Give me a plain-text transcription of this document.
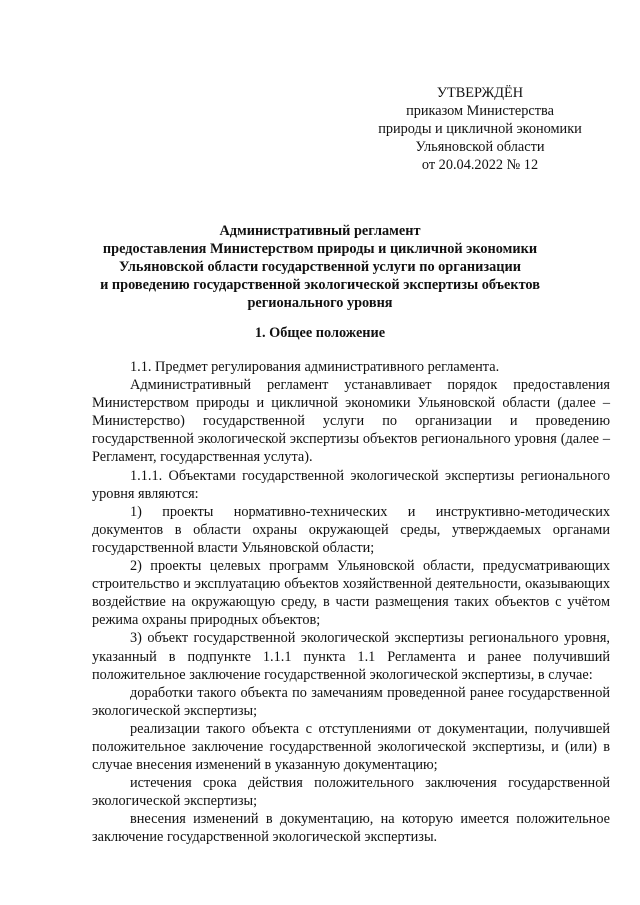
УТВЕРЖДЁН
приказом Министерства
природы и цикличной экономики
Ульяновской области
от 20.04.2022 № 12
Административный регламент
предоставления Министерством природы и цикличной экономики
Ульяновской области государственной услуги по организации
и проведению государственной экологической экспертизы объектов
регионального уровня
1. Общее положение

1.1. Предмет регулирования административного регламента.

Административный регламент устанавливает порядок предоставления Министерством природы и цикличной экономики Ульяновской области (далее – Министерство) государственной услуги по организации и проведению государственной экологической экспертизы объектов регионального уровня (далее – Регламент, государственная услута).

1.1.1. Объектами государственной экологической экспертизы регионального уровня являются:

1) проекты нормативно-технических и инструктивно-методических документов в области охраны окружающей среды, утверждаемых органами государственной власти Ульяновской области;

2) проекты целевых программ Ульяновской области, предусматривающих строительство и эксплуатацию объектов хозяйственной деятельности, оказывающих воздействие на окружающую среду, в части размещения таких объектов с учётом режима охраны природных объектов;

3) объект государственной экологической экспертизы регионального уровня, указанный в подпункте 1.1.1 пункта 1.1 Регламента и ранее получивший положительное заключение государственной экологической экспертизы, в случае:

доработки такого объекта по замечаниям проведенной ранее государственной экологической экспертизы;

реализации такого объекта с отступлениями от документации, получившей положительное заключение государственной экологической экспертизы, и (или) в случае внесения изменений в указанную документацию;

истечения срока действия положительного заключения государственной экологической экспертизы;

внесения изменений в документацию, на которую имеется положительное заключение государственной экологической экспертизы.
